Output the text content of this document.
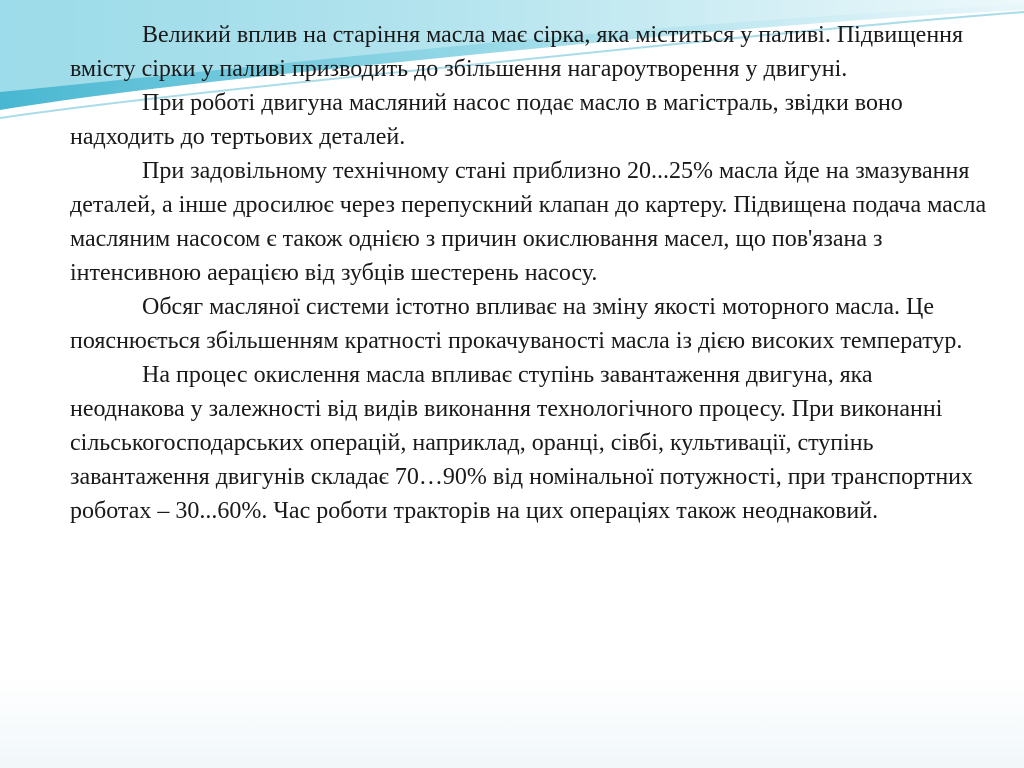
Великий вплив на старіння масла має сірка, яка міститься у паливі. Підвищення вмісту сірки у паливі призводить до збільшення нагароутворення у двигуні.

При роботі двигуна масляний насос подає масло в магістраль, звідки воно надходить до тертьових деталей.

При задовільному технічному стані приблизно 20...25% масла йде на змазування деталей, а інше дросилює через перепускний клапан до картеру. Підвищена подача масла масляним насосом є також однією з причин окислювання масел, що пов'язана з інтенсивною аерацією від зубців шестерень насосу.

Обсяг масляної системи істотно впливає на зміну якості моторного масла. Це пояснюється збільшенням кратності прокачуваності масла із дією високих температур.

На процес окислення масла впливає ступінь завантаження двигуна, яка неоднакова у залежності від видів виконання технологічного процесу. При виконанні сільськогосподарських операцій, наприклад, оранці, сівбі, культивації, ступінь завантаження двигунів складає 70…90% від номінальної потужності, при транспортних роботах – 30...60%. Час роботи тракторів на цих операціях також неоднаковий.
